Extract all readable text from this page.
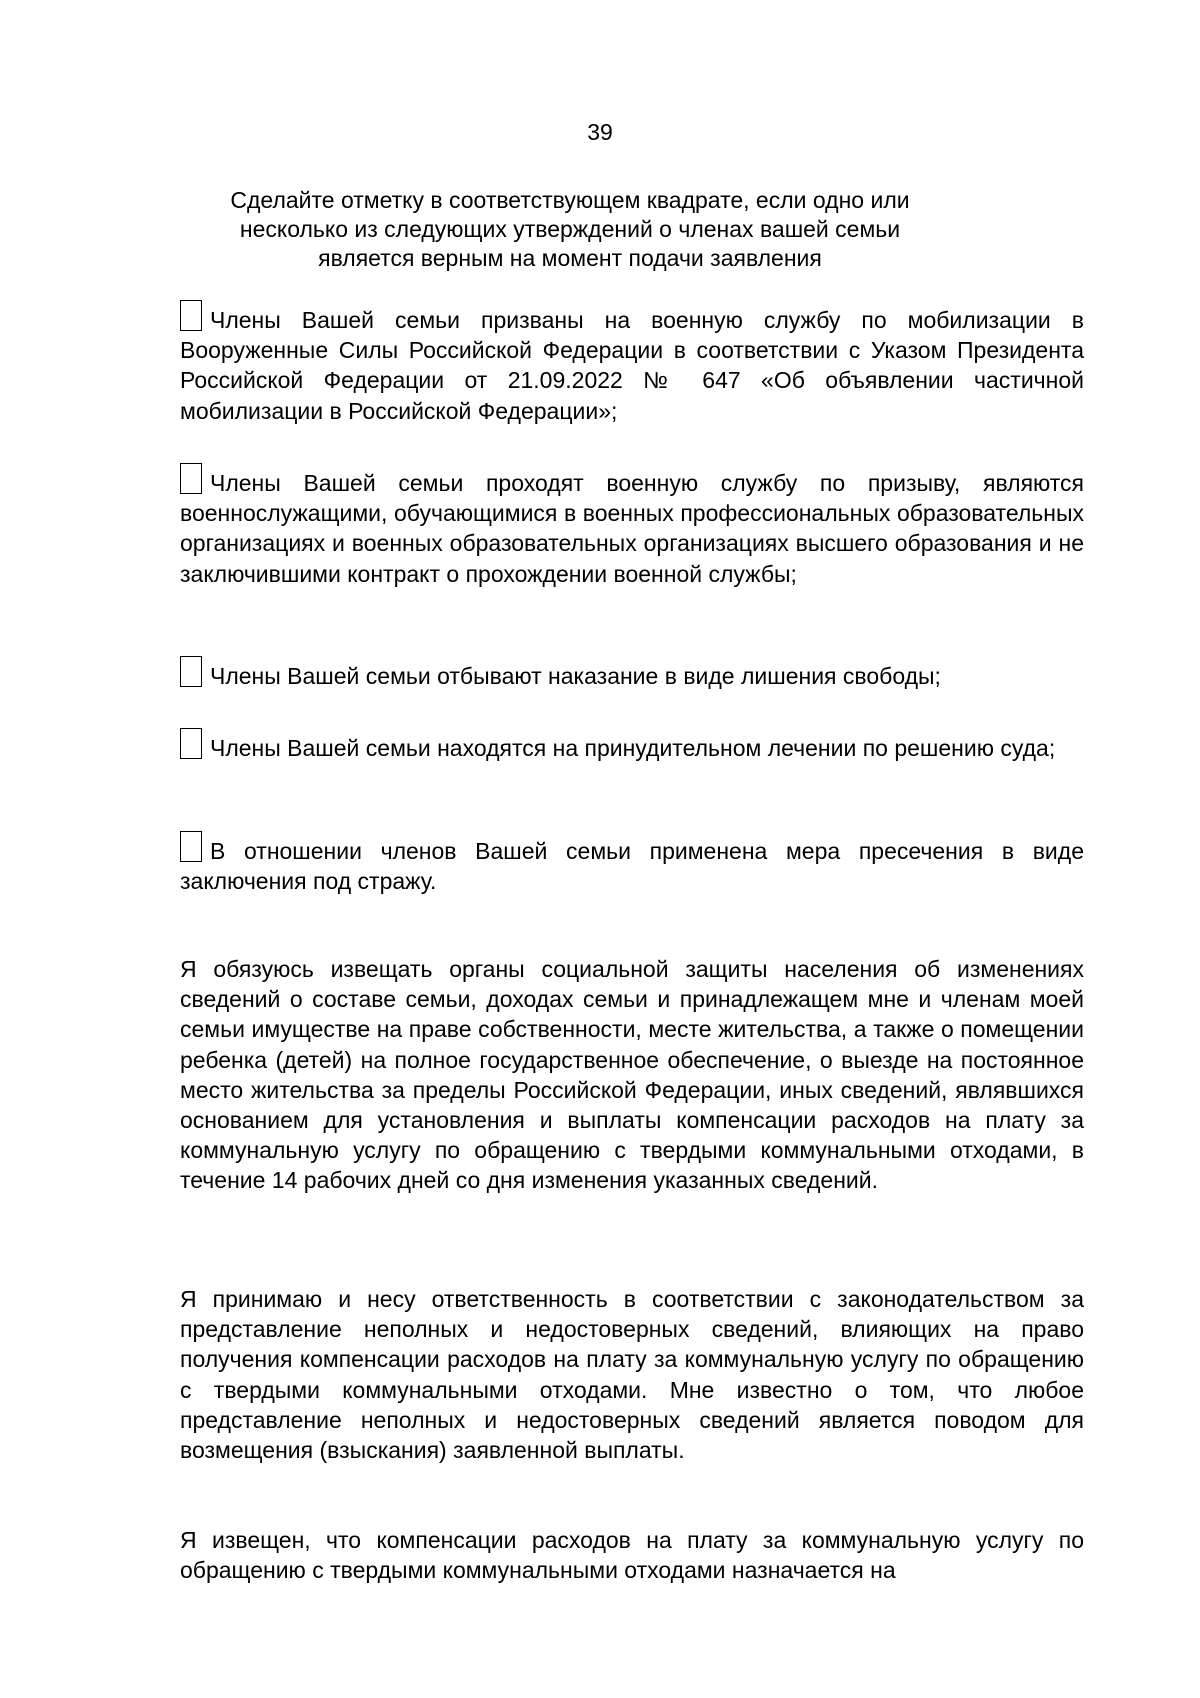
39
Сделайте отметку в соответствующем квадрате, если одно или несколько из следующих утверждений о членах вашей семьи является верным на момент подачи заявления
Члены Вашей семьи призваны на военную службу по мобилизации в Вооруженные Силы Российской Федерации в соответствии с Указом Президента Российской Федерации от 21.09.2022 № 647 «Об объявлении частичной мобилизации в Российской Федерации»;
Члены Вашей семьи проходят военную службу по призыву, являются военнослужащими, обучающимися в военных профессиональных образовательных организациях и военных образовательных организациях высшего образования и не заключившими контракт о прохождении военной службы;
Члены Вашей семьи отбывают наказание в виде лишения свободы;
Члены Вашей семьи находятся на принудительном лечении по решению суда;
В отношении членов Вашей семьи применена мера пресечения в виде заключения под стражу.

Я обязуюсь извещать органы социальной защиты населения об изменениях сведений о составе семьи, доходах семьи и принадлежащем мне и членам моей семьи имуществе на праве собственности, месте жительства, а также о помещении ребенка (детей) на полное государственное обеспечение, о выезде на постоянное место жительства за пределы Российской Федерации, иных сведений, являвшихся основанием для установления и выплаты компенсации расходов на плату за коммунальную услугу по обращению с твердыми коммунальными отходами, в течение 14 рабочих дней со дня изменения указанных сведений.

Я принимаю и несу ответственность в соответствии с законодательством за представление неполных и недостоверных сведений, влияющих на право получения компенсации расходов на плату за коммунальную услугу по обращению с твердыми коммунальными отходами. Мне известно о том, что любое представление неполных и недостоверных сведений является поводом для возмещения (взыскания) заявленной выплаты.

Я извещен, что компенсации расходов на плату за коммунальную услугу по обращению с твердыми коммунальными отходами назначается на
